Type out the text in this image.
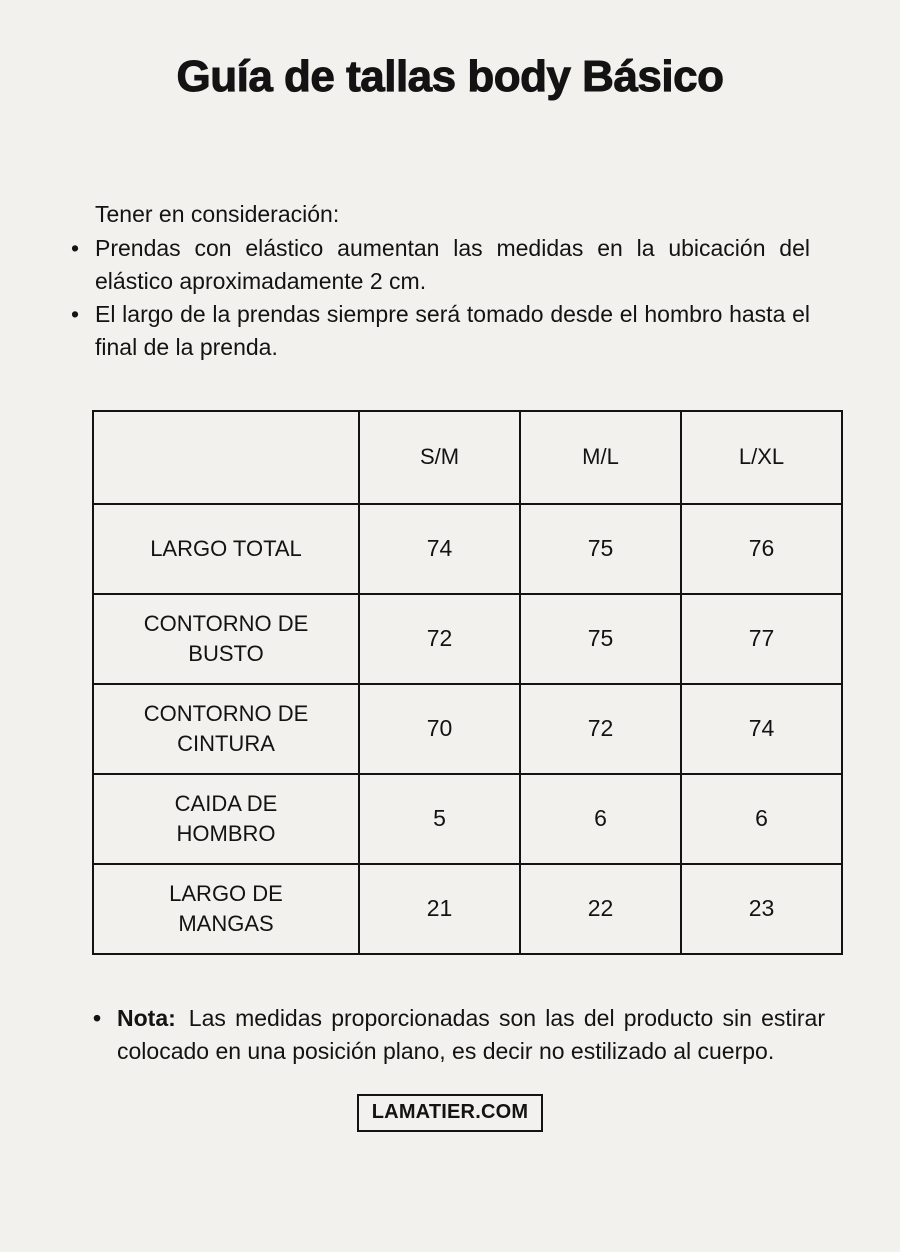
Guía de tallas body Básico

Tener en consideración:

• Prendas con elástico aumentan las medidas en la ubicación del elástico aproximadamente 2 cm.
• El largo de la prendas siempre será tomado desde el hombro hasta el final de la prenda.
	S/M	M/L	L/XL
LARGO TOTAL	74	75	76
CONTORNO DE BUSTO	72	75	77
CONTORNO DE CINTURA	70	72	74
CAIDA DE HOMBRO	5	6	6
LARGO DE MANGAS	21	22	23

• Nota: Las medidas proporcionadas son las del producto sin estirar colocado en una posición plano, es decir no estilizado al cuerpo.

LAMATIER.COM
